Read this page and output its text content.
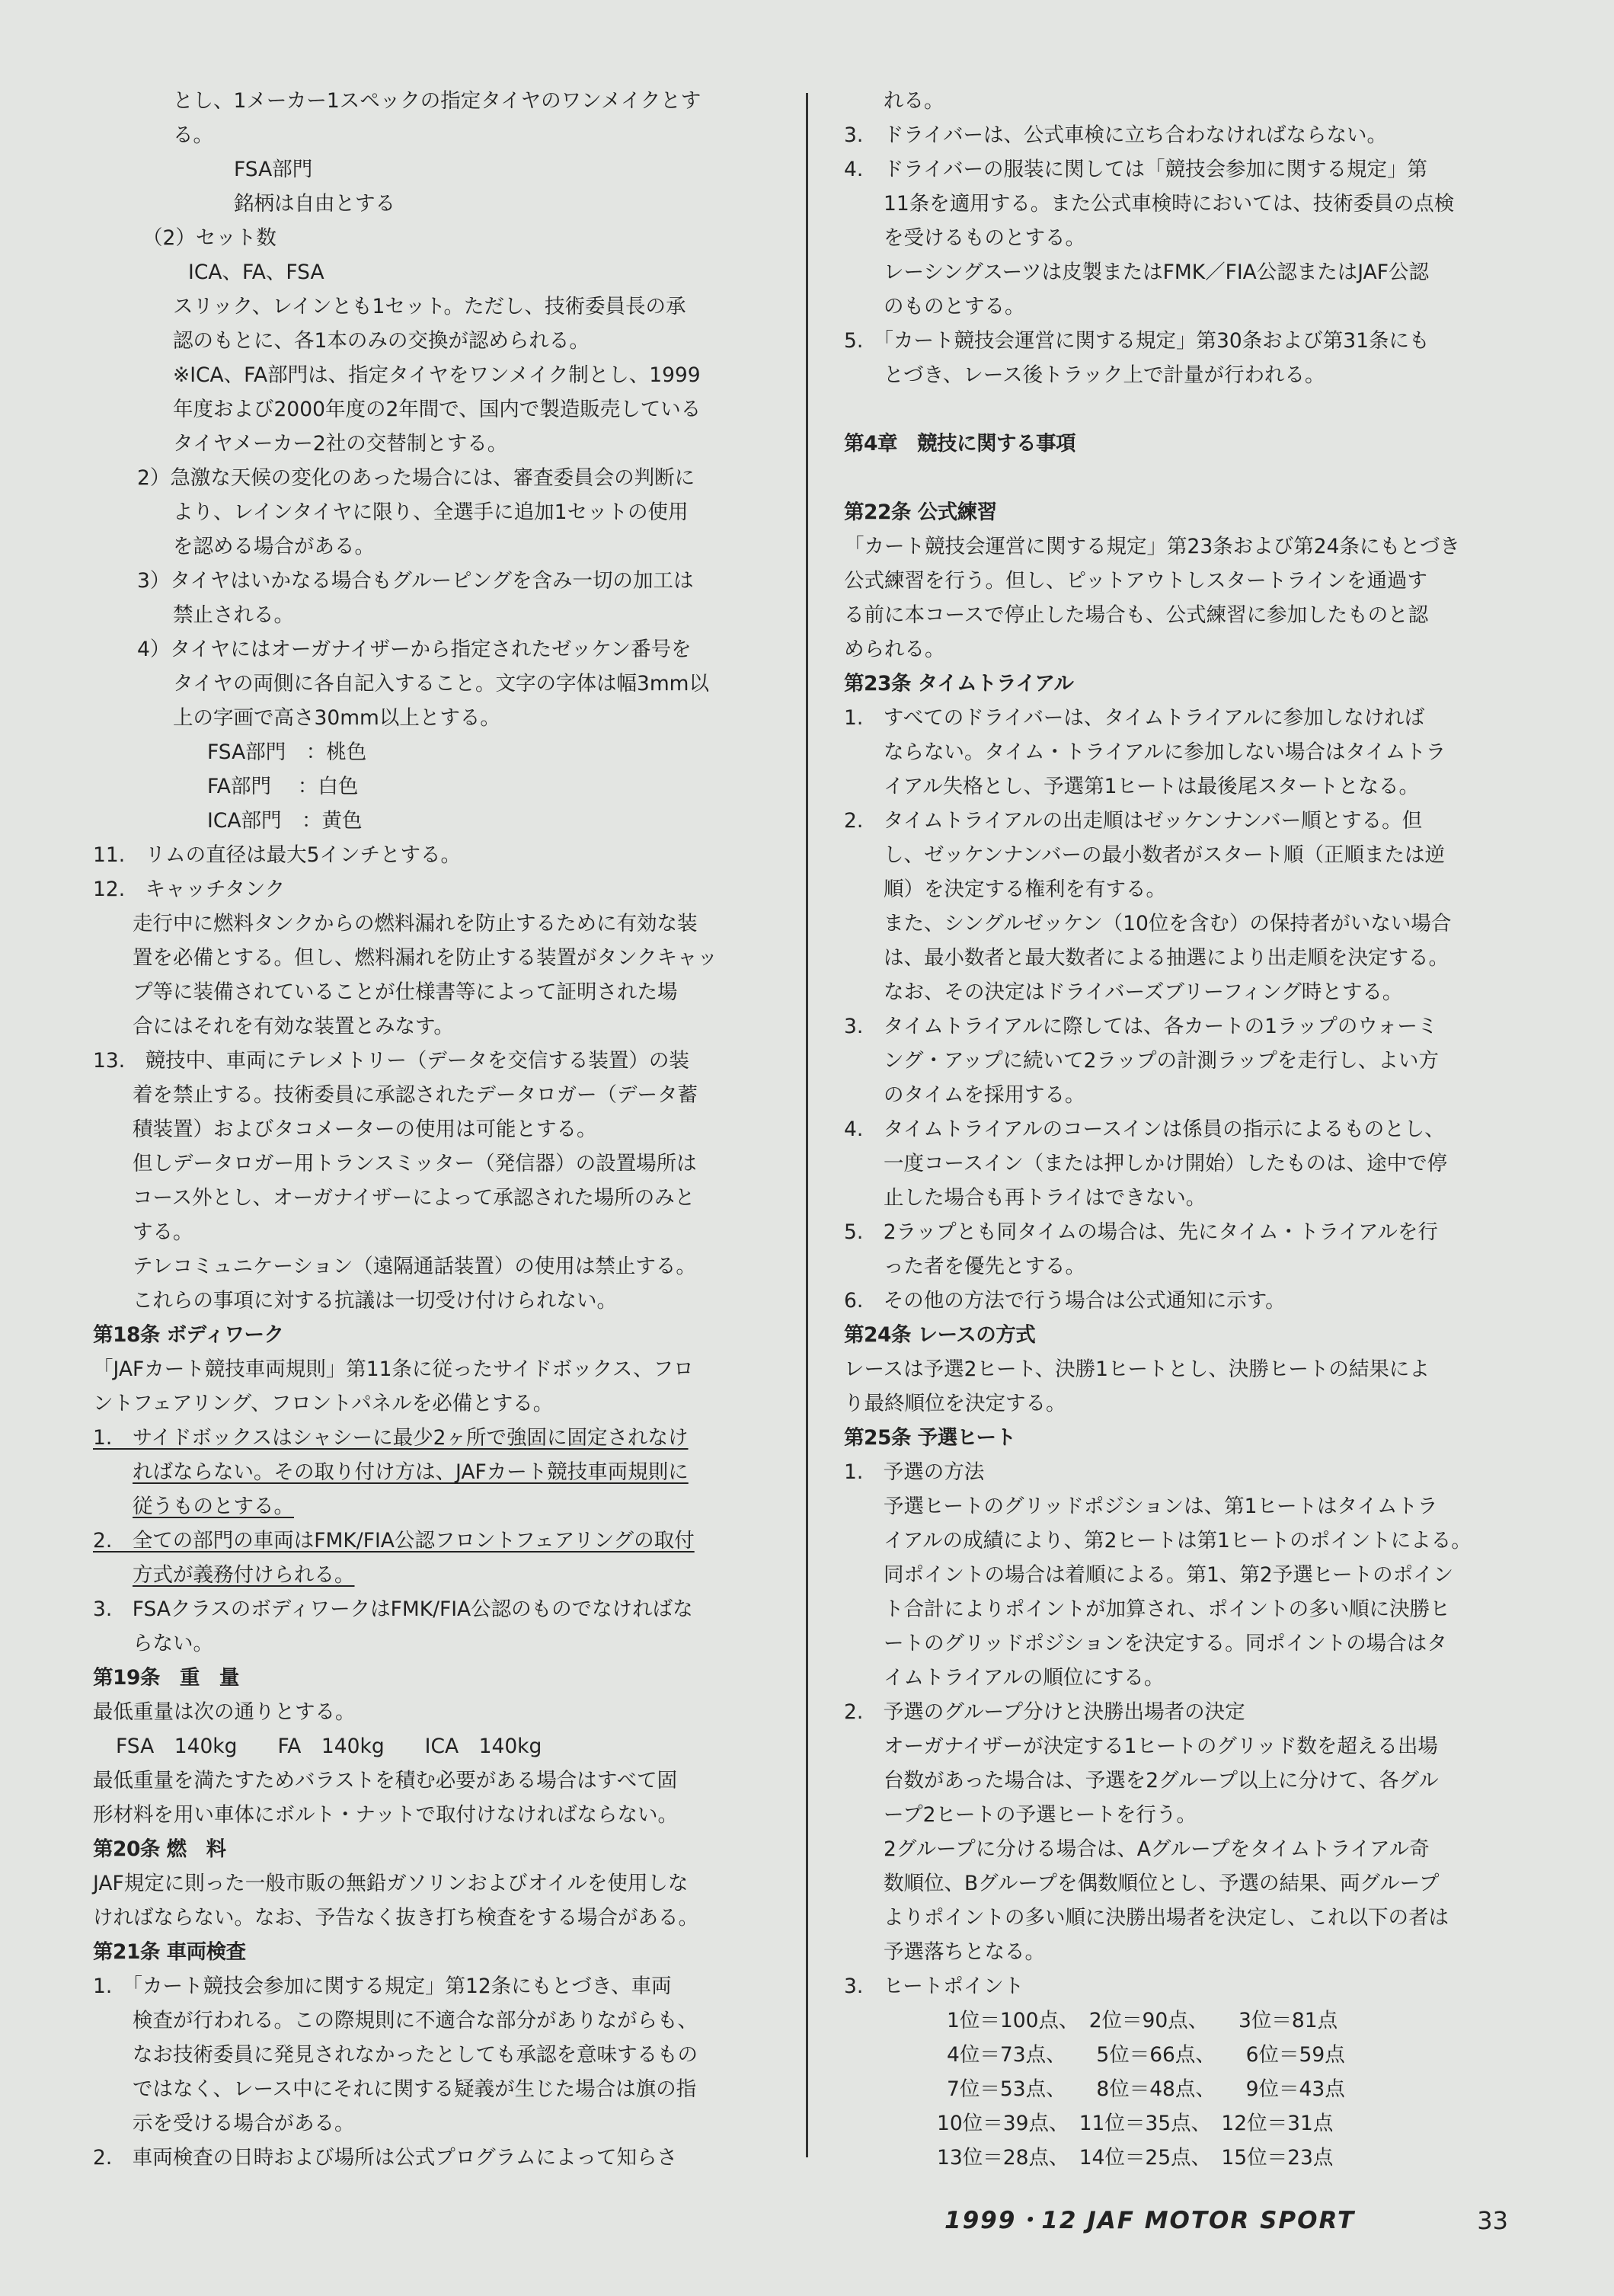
とし、1メーカー1スペックの指定タイヤのワンメイクとす
る。
FSA部門
銘柄は自由とする
（2）セット数
ICA、FA、FSA
スリック、レインとも1セット。ただし、技術委員長の承
認のもとに、各1本のみの交換が認められる。
※ICA、FA部門は、指定タイヤをワンメイク制とし、1999
年度および2000年度の2年間で、国内で製造販売している
タイヤメーカー2社の交替制とする。
2）急激な天候の変化のあった場合には、審査委員会の判断に
より、レインタイヤに限り、全選手に追加1セットの使用
を認める場合がある。
3）タイヤはいかなる場合もグルーピングを含み一切の加工は
禁止される。
4）タイヤにはオーガナイザーから指定されたゼッケン番号を
タイヤの両側に各自記入すること。文字の字体は幅3mm以
上の字画で高さ30mm以上とする。
FSA部門　：桃色
FA部門　 ：白色
ICA部門　：黄色
11.　リムの直径は最大5インチとする。
12.　キャッチタンク
走行中に燃料タンクからの燃料漏れを防止するために有効な装
置を必備とする。但し、燃料漏れを防止する装置がタンクキャッ
プ等に装備されていることが仕様書等によって証明された場
合にはそれを有効な装置とみなす。
13.　競技中、車両にテレメトリー（データを交信する装置）の装
着を禁止する。技術委員に承認されたデータロガー（データ蓄
積装置）およびタコメーターの使用は可能とする。
但しデータロガー用トランスミッター（発信器）の設置場所は
コース外とし、オーガナイザーによって承認された場所のみと
する。
テレコミュニケーション（遠隔通話装置）の使用は禁止する。
これらの事項に対する抗議は一切受け付けられない。
第18条 ボディワーク
「JAFカート競技車両規則」第11条に従ったサイドボックス、フロ
ントフェアリング、フロントパネルを必備とする。
1.　サイドボックスはシャシーに最少2ヶ所で強固に固定されなけ
ればならない。その取り付け方は、JAFカート競技車両規則に
従うものとする。
2.　全ての部門の車両はFMK/FIA公認フロントフェアリングの取付
方式が義務付けられる。
3.　FSAクラスのボディワークはFMK/FIA公認のものでなければな
らない。
第19条　重　量
最低重量は次の通りとする。
FSA　140kg　　FA　140kg　　ICA　140kg
最低重量を満たすためバラストを積む必要がある場合はすべて固
形材料を用い車体にボルト・ナットで取付けなければならない。
第20条 燃　料
JAF規定に則った一般市販の無鉛ガソリンおよびオイルを使用しな
ければならない。なお、予告なく抜き打ち検査をする場合がある。
第21条 車両検査
1.　「カート競技会参加に関する規定」第12条にもとづき、車両
検査が行われる。この際規則に不適合な部分がありながらも、
なお技術委員に発見されなかったとしても承認を意味するもの
ではなく、レース中にそれに関する疑義が生じた場合は旗の指
示を受ける場合がある。
2.　車両検査の日時および場所は公式プログラムによって知らさ
れる。
3.　ドライバーは、公式車検に立ち合わなければならない。
4.　ドライバーの服装に関しては「競技会参加に関する規定」第
11条を適用する。また公式車検時においては、技術委員の点検
を受けるものとする。
レーシングスーツは皮製またはFMK／FIA公認またはJAF公認
のものとする。
5.　「カート競技会運営に関する規定」第30条および第31条にも
とづき、レース後トラック上で計量が行われる。
第4章　競技に関する事項
第22条 公式練習
「カート競技会運営に関する規定」第23条および第24条にもとづき
公式練習を行う。但し、ピットアウトしスタートラインを通過す
る前に本コースで停止した場合も、公式練習に参加したものと認
められる。
第23条 タイムトライアル
1.　すべてのドライバーは、タイムトライアルに参加しなければ
ならない。タイム・トライアルに参加しない場合はタイムトラ
イアル失格とし、予選第1ヒートは最後尾スタートとなる。
2.　タイムトライアルの出走順はゼッケンナンバー順とする。但
し、ゼッケンナンバーの最小数者がスタート順（正順または逆
順）を決定する権利を有する。
また、シングルゼッケン（10位を含む）の保持者がいない場合
は、最小数者と最大数者による抽選により出走順を決定する。
なお、その決定はドライバーズブリーフィング時とする。
3.　タイムトライアルに際しては、各カートの1ラップのウォーミ
ング・アップに続いて2ラップの計測ラップを走行し、よい方
のタイムを採用する。
4.　タイムトライアルのコースインは係員の指示によるものとし、
一度コースイン（または押しかけ開始）したものは、途中で停
止した場合も再トライはできない。
5.　2ラップとも同タイムの場合は、先にタイム・トライアルを行
った者を優先とする。
6.　その他の方法で行う場合は公式通知に示す。
第24条 レースの方式
レースは予選2ヒート、決勝1ヒートとし、決勝ヒートの結果によ
り最終順位を決定する。
第25条 予選ヒート
1.　予選の方法
予選ヒートのグリッドポジションは、第1ヒートはタイムトラ
イアルの成績により、第2ヒートは第1ヒートのポイントによる。
同ポイントの場合は着順による。第1、第2予選ヒートのポイン
ト合計によりポイントが加算され、ポイントの多い順に決勝ヒ
ートのグリッドポジションを決定する。同ポイントの場合はタ
イムトライアルの順位にする。
2.　予選のグループ分けと決勝出場者の決定
オーガナイザーが決定する1ヒートのグリッド数を超える出場
台数があった場合は、予選を2グループ以上に分けて、各グル
ープ2ヒートの予選ヒートを行う。
2グループに分ける場合は、Aグループをタイムトライアル奇
数順位、Bグループを偶数順位とし、予選の結果、両グループ
よりポイントの多い順に決勝出場者を決定し、これ以下の者は
予選落ちとなる。
3.　ヒートポイント
1位＝100点、　2位＝90点、　　3位＝81点
4位＝73点、　　5位＝66点、　　6位＝59点
7位＝53点、　　8位＝48点、　　9位＝43点
10位＝39点、　11位＝35点、　12位＝31点
13位＝28点、　14位＝25点、　15位＝23点
1999・12 JAF MOTOR SPORT	33
